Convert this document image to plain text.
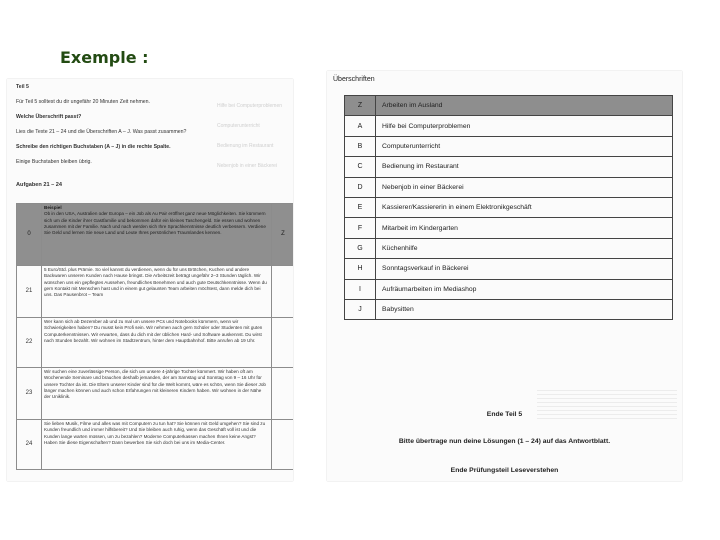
Exemple :
Teil 5
Für Teil 5 solltest du dir ungefähr 20 Minuten Zeit nehmen.
Welche Überschrift passt?
Lies die Texte 21 – 24 und die Überschriften A – J. Was passt zusammen?
Schreibe den richtigen Buchstaben (A – J) in die rechte Spalte.
Einige Buchstaben bleiben übrig.
Aufgaben 21 – 24
Hilfe bei Computerproblemen
Computerunterricht
Bedienung im Restaurant
Nebenjob in einer Bäckerei
0	Beispiel
Ob in den USA, Australien oder Europa – ein Job als Au Pair eröffnet ganz neue Möglichkeiten. Sie kümmern sich um die Kinder ihrer Gastfamilie und bekommen dafür ein kleines Taschengeld. Sie essen und wohnen zusammen mit der Familie. Nach und nach werden sich Ihre Sprachkenntnisse deutlich verbessern. Verdiene Sie Geld und lernen Sie neue Land und Leute Ihres persönlichen Traumlandes kennen.	Z
21	5 Euro/Std. plus Prämie. So viel kannst du verdienen, wenn du für uns Brötchen, Kuchen und andere Backwaren unseren Kunden nach Hause bringst. Die Arbeitszeit beträgt ungefähr 2–3 Stunden täglich. Wir wünschen uns ein gepflegtes Aussehen, freundliches Benehmen und auch gute Deutschkenntnisse. Wenn du gern Kontakt mit Menschen hast und in einem gut gelaunten Team arbeiten möchtest, dann melde dich bei uns. Das Pausenbrot – Team	
22	Wer kann sich ab Dezember ab und zu mal um unsere PCs und Notebooks kümmern, wenn wir Schwierigkeiten haben? Du musst kein Profi sein. Wir nehmen auch gern Schüler oder Studenten mit guten Computerkenntnissen. Wir erwarten, dass du dich mit der üblichen Hard- und Software auskennst. Du wirst nach Stunden bezahlt. Wir wohnen im Stadtzentrum, hinter dem Hauptbahnhof. Bitte anrufen ab 19 Uhr.	
23	Wir suchen eine zuverlässige Person, die sich um unsere 4-jährige Tochter kümmert. Wir haben oft am Wochenende Seminare und brauchen deshalb jemanden, der am Samstag und Sonntag von 9 – 16 Uhr für unsere Tochter da ist. Die Eltern unserer Kinder sind für die Welt kommt, wäre es schön, wenn Sie dieser Job länger machen können und auch schon Erfahrungen mit kleineren Kindern haben. Wir wohnen in der Nähe der Uniklinik.	
24	Sie lieben Musik, Filme und alles was mit Computern zu tun hat? Sie können mit Geld umgehen? Sie sind zu Kunden freundlich und immer hilfsbereit? Und Sie bleiben auch ruhig, wenn das Geschäft voll ist und die Kunden lange warten müssen, um zu bezahlen? Moderne Computerkassen machen Ihnen keine Angst? Haben Sie diese Eigenschaften? Dann bewerben Sie sich doch bei uns im Media-Center.	
Überschriften
Z	Arbeiten im Ausland
A	Hilfe bei Computerproblemen
B	Computerunterricht
C	Bedienung im Restaurant
D	Nebenjob in einer Bäckerei
E	Kassierer/Kassiererin in einem Elektronikgeschäft
F	Mitarbeit im Kindergarten
G	Küchenhilfe
H	Sonntagsverkauf in Bäckerei
I	Aufräumarbeiten im Mediashop
J	Babysitten
Ende Teil 5
Bitte übertrage nun deine Lösungen (1 – 24) auf das Antwortblatt.
Ende Prüfungsteil Leseverstehen
